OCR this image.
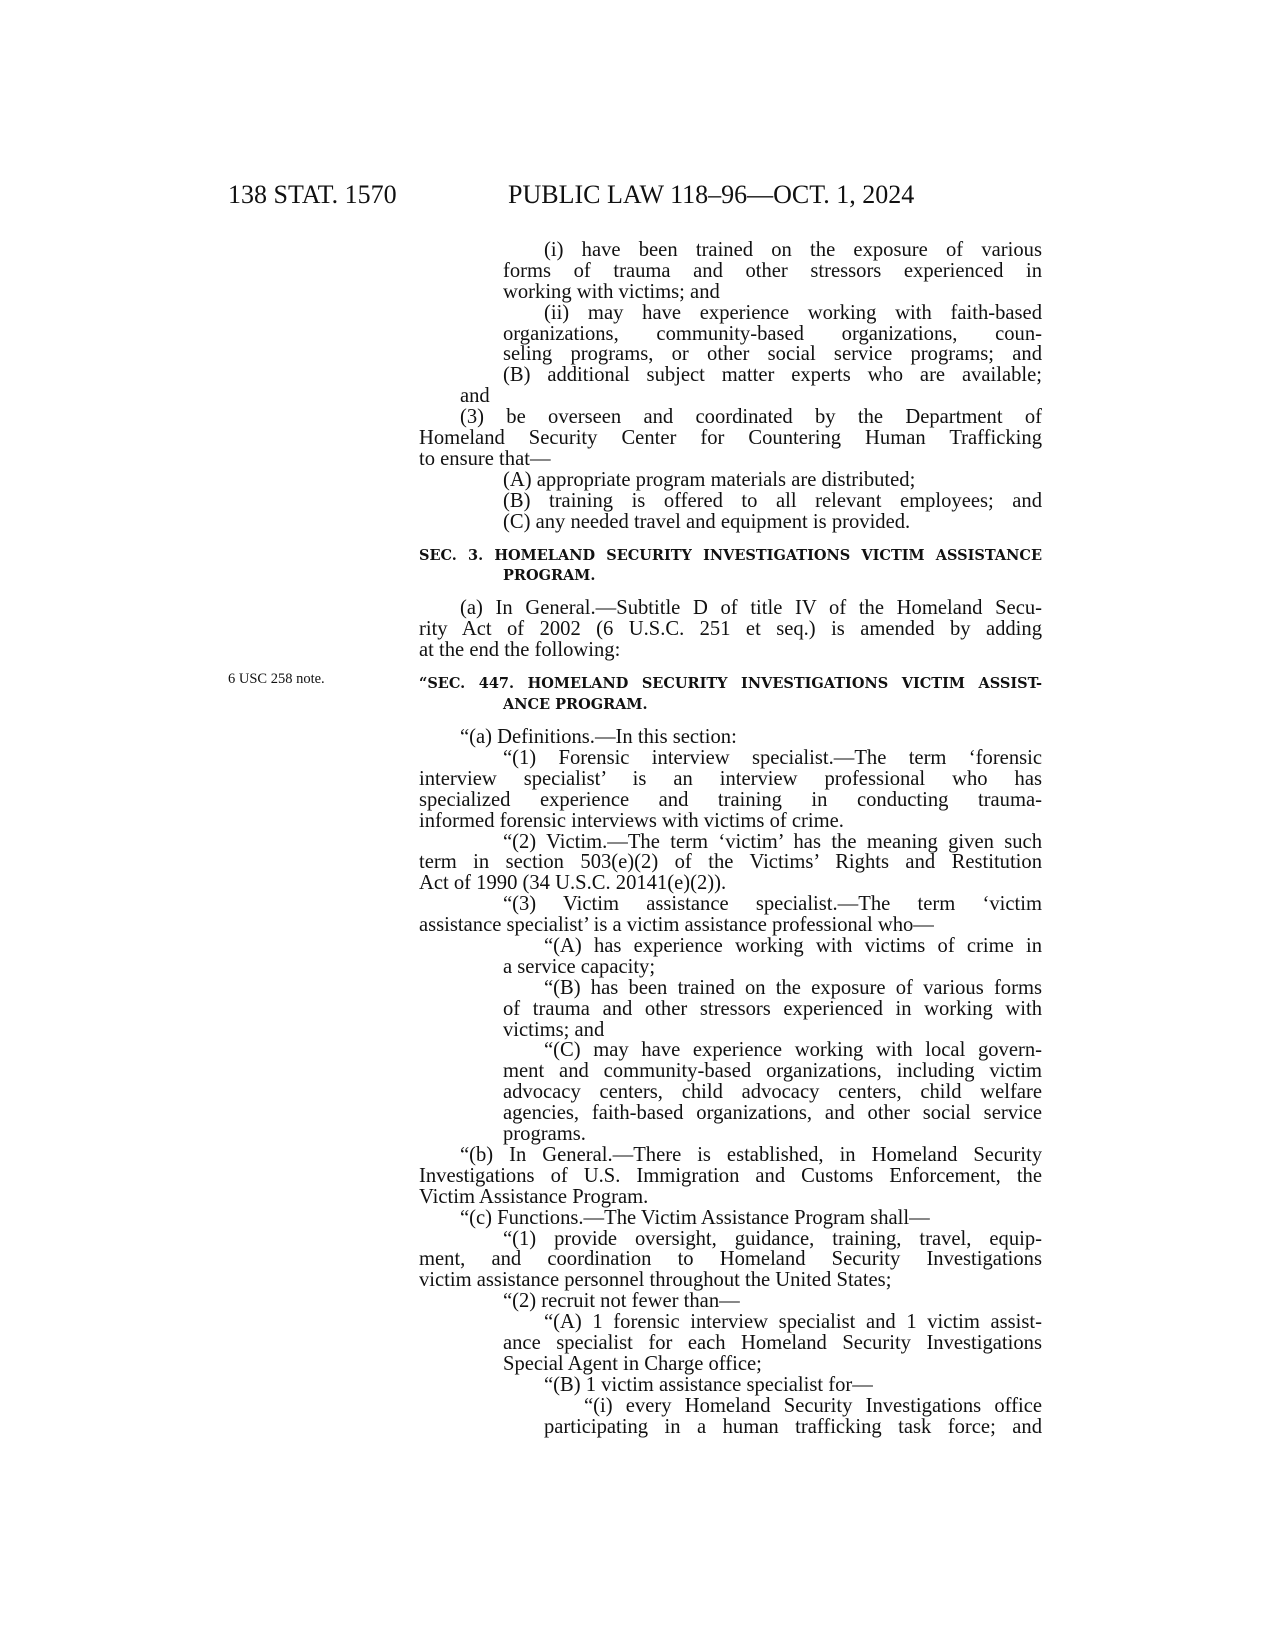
138 STAT. 1570	PUBLIC LAW 118–96—OCT. 1, 2024
6 USC 258 note.
(i) have been trained on the exposure of various
forms of trauma and other stressors experienced in
working with victims; and
(ii) may have experience working with faith-based
organizations, community-based organizations, coun-
seling programs, or other social service programs; and
(B) additional subject matter experts who are available;
and
(3) be overseen and coordinated by the Department of
Homeland Security Center for Countering Human Trafficking
to ensure that—
(A) appropriate program materials are distributed;
(B) training is offered to all relevant employees; and
(C) any needed travel and equipment is provided.
SEC. 3. HOMELAND SECURITY INVESTIGATIONS VICTIM ASSISTANCE
PROGRAM.
(a) In General.—Subtitle D of title IV of the Homeland Secu-
rity Act of 2002 (6 U.S.C. 251 et seq.) is amended by adding
at the end the following:
“SEC. 447. HOMELAND SECURITY INVESTIGATIONS VICTIM ASSIST-
ANCE PROGRAM.
“(a) Definitions.—In this section:
“(1) Forensic interview specialist.—The term ‘forensic
interview specialist’ is an interview professional who has
specialized experience and training in conducting trauma-
informed forensic interviews with victims of crime.
“(2) Victim.—The term ‘victim’ has the meaning given such
term in section 503(e)(2) of the Victims’ Rights and Restitution
Act of 1990 (34 U.S.C. 20141(e)(2)).
“(3) Victim assistance specialist.—The term ‘victim
assistance specialist’ is a victim assistance professional who—
“(A) has experience working with victims of crime in
a service capacity;
“(B) has been trained on the exposure of various forms
of trauma and other stressors experienced in working with
victims; and
“(C) may have experience working with local govern-
ment and community-based organizations, including victim
advocacy centers, child advocacy centers, child welfare
agencies, faith-based organizations, and other social service
programs.
“(b) In General.—There is established, in Homeland Security
Investigations of U.S. Immigration and Customs Enforcement, the
Victim Assistance Program.
“(c) Functions.—The Victim Assistance Program shall—
“(1) provide oversight, guidance, training, travel, equip-
ment, and coordination to Homeland Security Investigations
victim assistance personnel throughout the United States;
“(2) recruit not fewer than—
“(A) 1 forensic interview specialist and 1 victim assist-
ance specialist for each Homeland Security Investigations
Special Agent in Charge office;
“(B) 1 victim assistance specialist for—
“(i) every Homeland Security Investigations office
participating in a human trafficking task force; and
